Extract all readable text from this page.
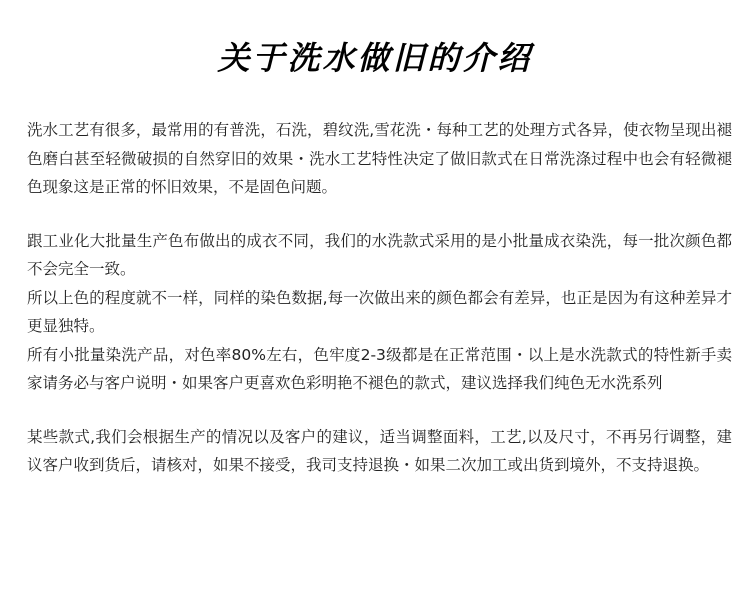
关于洗水做旧的介绍

洗水工艺有很多，最常用的有普洗，石洗，碧纹洗,雪花洗・每种工艺的处理方式各异，使衣物呈现出褪色磨白甚至轻微破损的自然穿旧的效果・洗水工艺特性决定了做旧款式在日常洗涤过程中也会有轻微褪色现象这是正常的怀旧效果，不是固色问题。

跟工业化大批量生产色布做出的成衣不同，我们的水洗款式采用的是小批量成衣染洗，每一批次颜色都不会完全一致。

所以上色的程度就不一样，同样的染色数据,每一次做出来的颜色都会有差异，也正是因为有这种差异才更显独特。

所有小批量染洗产品，对色率80%左右，色牢度2-3级都是在正常范围・以上是水洗款式的特性新手卖家请务必与客户说明・如果客户更喜欢色彩明艳不褪色的款式，建议选择我们纯色无水洗系列

某些款式,我们会根据生产的情况以及客户的建议，适当调整面料，工艺,以及尺寸，不再另行调整，建议客户收到货后，请核对，如果不接受，我司支持退换・如果二次加工或出货到境外，不支持退换。
